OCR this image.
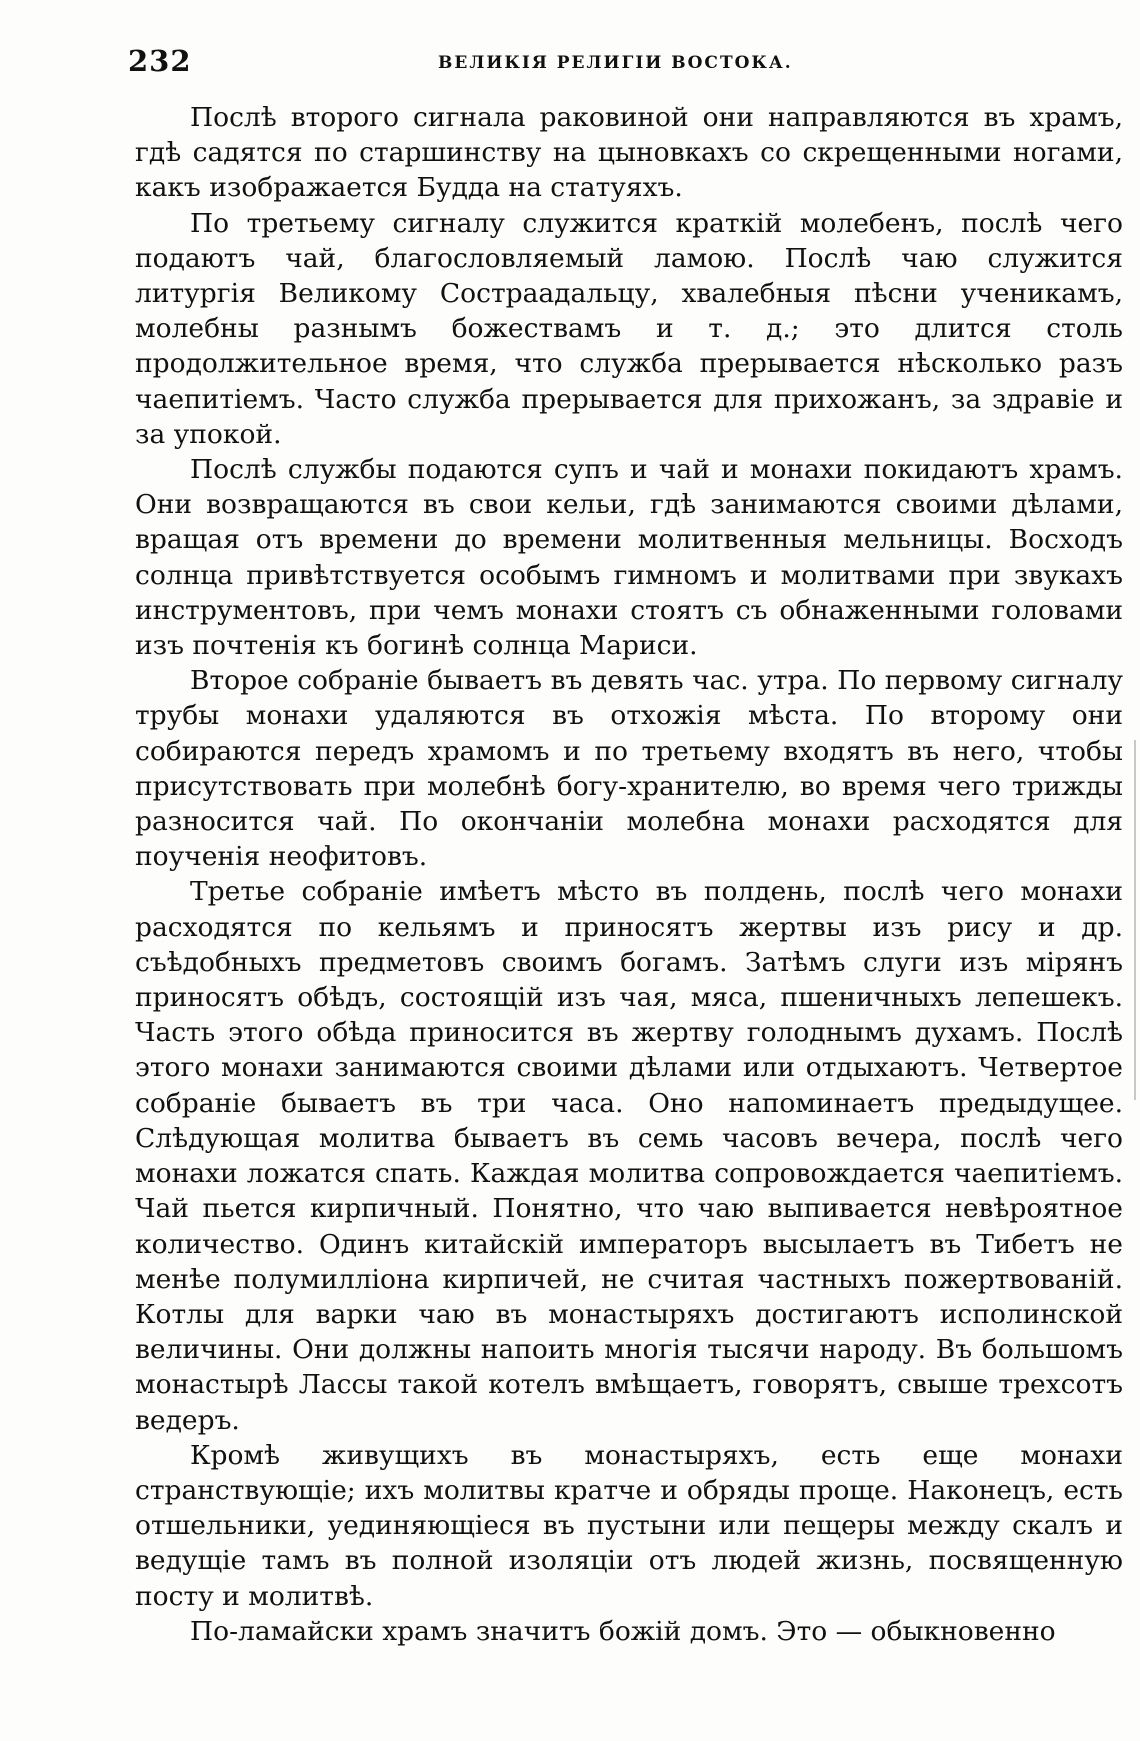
232	ВЕЛИКІЯ РЕЛИГІИ ВОСТОКА.

Послѣ второго сигнала раковиной они направляются въ храмъ, гдѣ садятся по старшинству на цыновкахъ со скрещенными ногами, какъ изображается Будда на статуяхъ.

По третьему сигналу служится краткій молебенъ, послѣ чего подаютъ чай, благословляемый ламою. Послѣ чаю служится литургія Великому Состраадальцу, хвалебныя пѣсни ученикамъ, молебны разнымъ божествамъ и т. д.; это длится столь продолжительное время, что служба прерывается нѣсколько разъ чаепитіемъ. Часто служба прерывается для прихожанъ, за здравіе и за упокой.

Послѣ службы подаются супъ и чай и монахи покидаютъ храмъ. Они возвращаются въ свои кельи, гдѣ занимаются своими дѣлами, вращая отъ времени до времени молитвенныя мельницы. Восходъ солнца привѣтствуется особымъ гимномъ и молитвами при звукахъ инструментовъ, при чемъ монахи стоятъ съ обнаженными головами изъ почтенія къ богинѣ солнца Мариси.

Второе собраніе бываетъ въ девять час. утра. По первому сигналу трубы монахи удаляются въ отхожія мѣста. По второму они собираются передъ храмомъ и по третьему входятъ въ него, чтобы присутствовать при молебнѣ богу-хранителю, во время чего трижды разносится чай. По окончаніи молебна монахи расходятся для поученія неофитовъ.

Третье собраніе имѣетъ мѣсто въ полдень, послѣ чего монахи расходятся по кельямъ и приносятъ жертвы изъ рису и др. съѣдобныхъ предметовъ своимъ богамъ. Затѣмъ слуги изъ мірянъ приносятъ обѣдъ, состоящій изъ чая, мяса, пшеничныхъ лепешекъ. Часть этого обѣда приносится въ жертву голоднымъ духамъ. Послѣ этого монахи занимаются своими дѣлами или отдыхаютъ. Четвертое собраніе бываетъ въ три часа. Оно напоминаетъ предыдущее. Слѣдующая молитва бываетъ въ семь часовъ вечера, послѣ чего монахи ложатся спать. Каждая молитва сопровождается чаепитіемъ. Чай пьется кирпичный. Понятно, что чаю выпивается невѣроятное количество. Одинъ китайскій императоръ высылаетъ въ Тибетъ не менѣе полумилліона кирпичей, не считая частныхъ пожертвованій. Котлы для варки чаю въ монастыряхъ достигаютъ исполинской величины. Они должны напоить многія тысячи народу. Въ большомъ монастырѣ Лассы такой котелъ вмѣщаетъ, говорятъ, свыше трехсотъ ведеръ.

Кромѣ живущихъ въ монастыряхъ, есть еще монахи странствующіе; ихъ молитвы кратче и обряды проще. Наконецъ, есть отшельники, уединяющіеся въ пустыни или пещеры между скалъ и ведущіе тамъ въ полной изоляціи отъ людей жизнь, посвященную посту и молитвѣ.

По-ламайски храмъ значитъ божій домъ. Это — обыкновенно
